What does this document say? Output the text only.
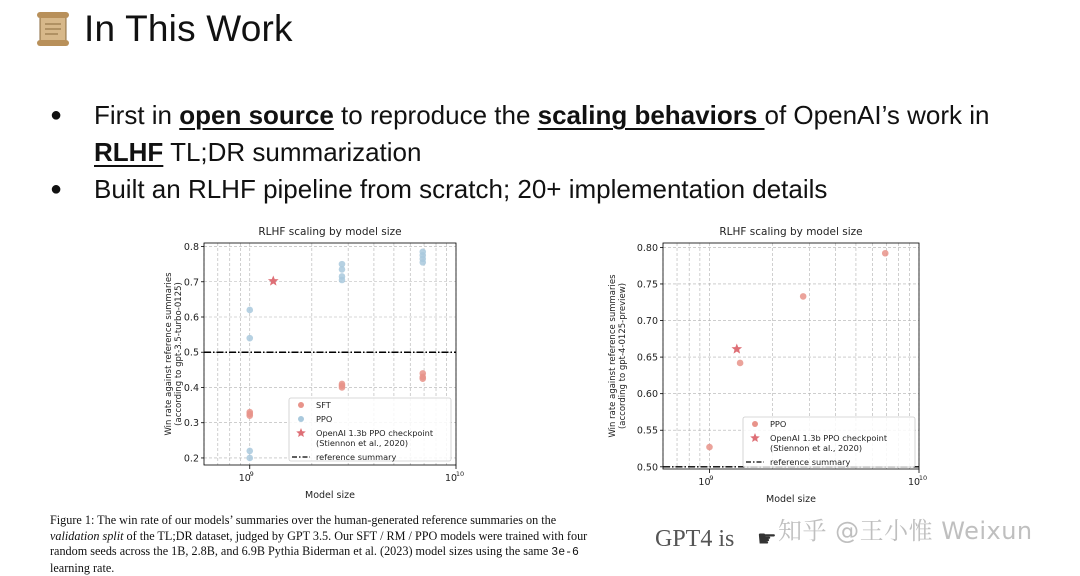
In This Work
●	First in open source to reproduce the scaling behaviors of OpenAI’s work in
RLHF TL;DR summarization
●	Built an RLHF pipeline from scratch; 20+ implementation details
0.2
0.3
0.4
0.5
0.6
0.7
0.8
10
9	10
10
RLHF scaling by model size
Model size
Win rate against reference summaries (according to gpt-3.5-turbo-0125)	SFT
PPO
OpenAI 1.3b PPO checkpoint
(Stiennon et al., 2020)
reference summary
0.50
0.55
0.60
0.65
0.70
0.75
0.80
10
9	10
10
RLHF scaling by model size
Model size
Win rate against reference summaries (according to gpt-4-0125-preview)	PPO
OpenAI 1.3b PPO checkpoint
(Stiennon et al., 2020)
reference summary
Figure 1: The win rate of our models’ summaries over the human-generated reference summaries on the validation split of the TL;DR dataset, judged by GPT 3.5. Our SFT / RM / PPO models were trained with four random seeds across the 1B, 2.8B, and 6.9B Pythia Biderman et al. (2023) model sizes using the same 3e-6 learning rate.
GPT4 is ☛ 知乎 @王小惟 Weixun
